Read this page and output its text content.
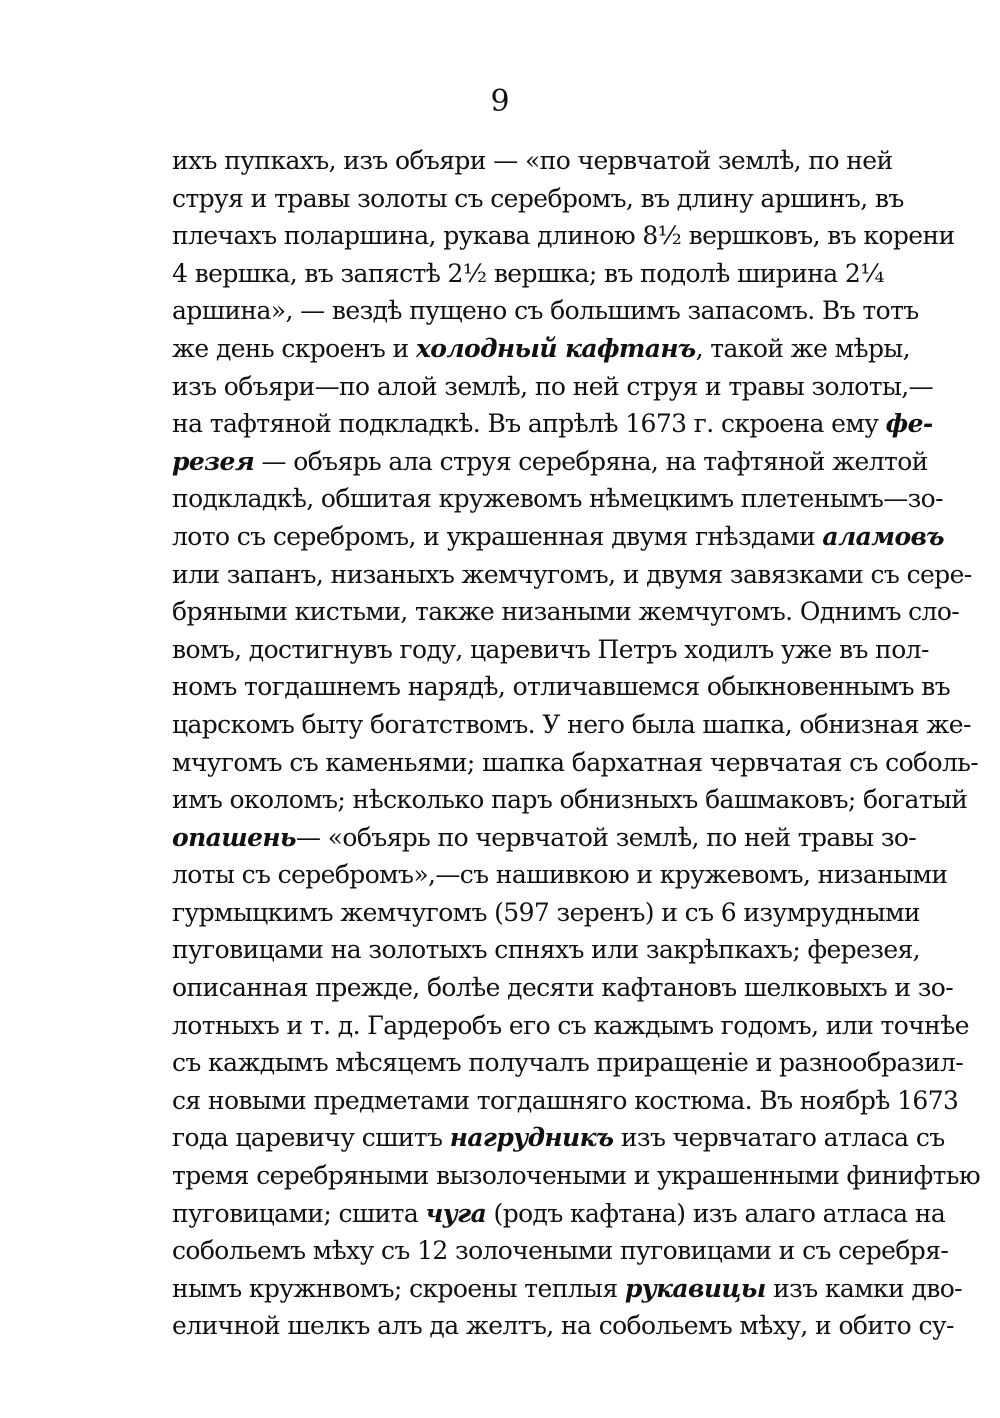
9
ихъ пупкахъ, изъ объяри — «по червчатой землѣ, по ней
струя и травы золоты съ серебромъ, въ длину аршинъ, въ
плечахъ поларшина, рукава длиною 8½ вершковъ, въ корени
4 вершка, въ запястѣ 2½ вершка; въ подолѣ ширина 2¼
аршина», — вездѣ пущено съ большимъ запасомъ. Въ тотъ
же день скроенъ и холодный кафтанъ, такой же мѣры,
изъ объяри—по алой землѣ, по ней струя и травы золоты,—
на тафтяной подкладкѣ. Въ апрѣлѣ 1673 г. скроена ему фе-
резея — объярь ала струя серебряна, на тафтяной желтой
подкладкѣ, обшитая кружевомъ нѣмецкимъ плетенымъ—зо-
лото съ серебромъ, и украшенная двумя гнѣздами аламовъ
или запанъ, низаныхъ жемчугомъ, и двумя завязками съ сере-
бряными кистьми, также низаными жемчугомъ. Однимъ сло-
вомъ, достигнувъ году, царевичъ Петръ ходилъ уже въ пол-
номъ тогдашнемъ нарядѣ, отличавшемся обыкновеннымъ въ
царскомъ быту богатствомъ. У него была шапка, обнизная же-
мчугомъ съ каменьями; шапка бархатная червчатая съ соболь-
имъ околомъ; нѣсколько паръ обнизныхъ башмаковъ; богатый
опашень— «объярь по червчатой землѣ, по ней травы зо-
лоты съ серебромъ»,—съ нашивкою и кружевомъ, низаными
гурмыцкимъ жемчугомъ (597 зеренъ) и съ 6 изумрудными
пуговицами на золотыхъ спняхъ или закрѣпкахъ; ферезея,
описанная прежде, болѣе десяти кафтановъ шелковыхъ и зо-
лотныхъ и т. д. Гардеробъ его съ каждымъ годомъ, или точнѣе
съ каждымъ мѣсяцемъ получалъ приращеніе и разнообразил-
ся новыми предметами тогдашняго костюма. Въ ноябрѣ 1673
года царевичу сшитъ нагрудникъ изъ червчатаго атласа съ
тремя серебряными вызолочеными и украшенными финифтью
пуговицами; сшита чуга (родъ кафтана) изъ алаго атласа на
собольемъ мѣху съ 12 золочеными пуговицами и съ серебря-
нымъ кружнвомъ; скроены теплыя рукавицы изъ камки дво-
еличной шелкъ алъ да желтъ, на собольемъ мѣху, и обито су-
